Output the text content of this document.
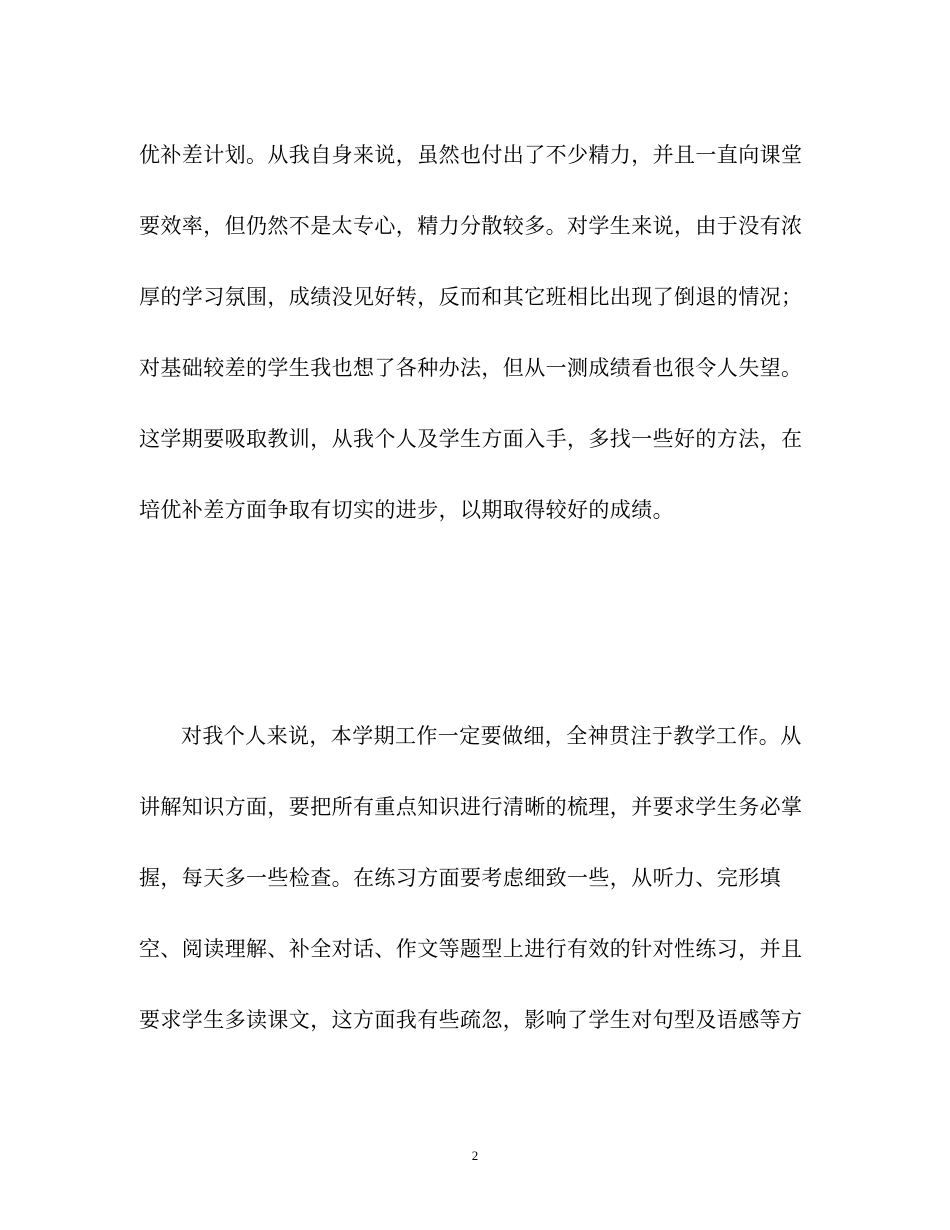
优补差计划。从我自身来说，虽然也付出了不少精力，并且一直向课堂
要效率，但仍然不是太专心，精力分散较多。对学生来说，由于没有浓
厚的学习氛围，成绩没见好转，反而和其它班相比出现了倒退的情况；
对基础较差的学生我也想了各种办法，但从一测成绩看也很令人失望。
这学期要吸取教训，从我个人及学生方面入手，多找一些好的方法，在
培优补差方面争取有切实的进步，以期取得较好的成绩。
对我个人来说，本学期工作一定要做细，全神贯注于教学工作。从
讲解知识方面，要把所有重点知识进行清晰的梳理，并要求学生务必掌
握，每天多一些检查。在练习方面要考虑细致一些，从听力、完形填
空、阅读理解、补全对话、作文等题型上进行有效的针对性练习，并且
要求学生多读课文，这方面我有些疏忽，影响了学生对句型及语感等方
2
